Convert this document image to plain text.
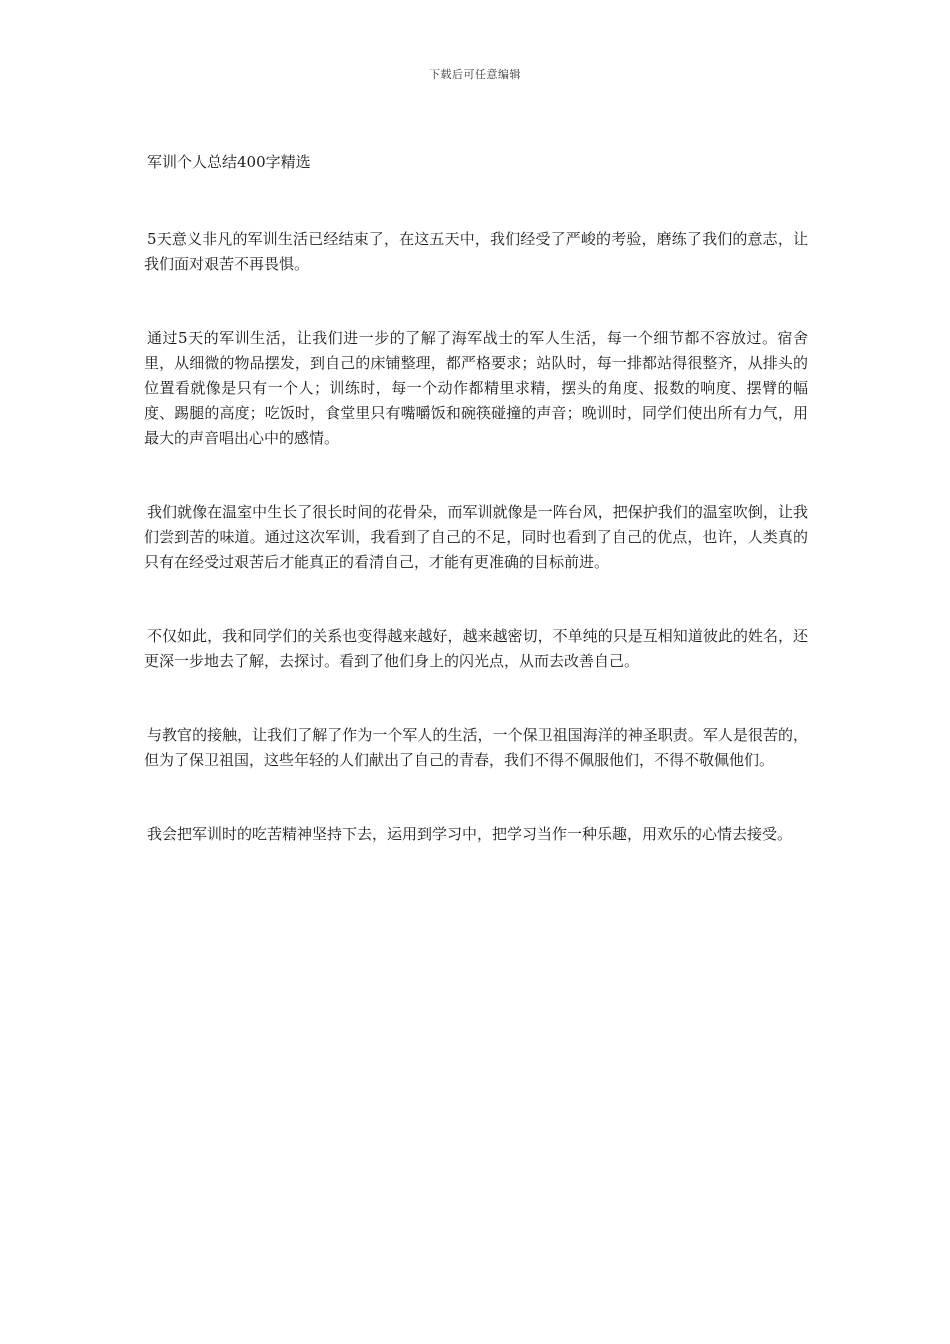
下载后可任意编辑
军训个人总结400字精选

5天意义非凡的军训生活已经结束了，在这五天中，我们经受了严峻的考验，磨练了我们的意志，让我们面对艰苦不再畏惧。

通过5天的军训生活，让我们进一步的了解了海军战士的军人生活，每一个细节都不容放过。宿舍里，从细微的物品摆发，到自己的床铺整理，都严格要求；站队时，每一排都站得很整齐，从排头的位置看就像是只有一个人；训练时，每一个动作都精里求精，摆头的角度、报数的响度、摆臂的幅度、踢腿的高度；吃饭时，食堂里只有嘴嚼饭和碗筷碰撞的声音；晚训时，同学们使出所有力气，用最大的声音唱出心中的感情。

我们就像在温室中生长了很长时间的花骨朵，而军训就像是一阵台风，把保护我们的温室吹倒，让我们尝到苦的味道。通过这次军训，我看到了自己的不足，同时也看到了自己的优点，也许，人类真的只有在经受过艰苦后才能真正的看清自己，才能有更准确的目标前进。

不仅如此，我和同学们的关系也变得越来越好，越来越密切，不单纯的只是互相知道彼此的姓名，还更深一步地去了解，去探讨。看到了他们身上的闪光点，从而去改善自己。

与教官的接触，让我们了解了作为一个军人的生活，一个保卫祖国海洋的神圣职责。军人是很苦的，但为了保卫祖国，这些年轻的人们献出了自己的青春，我们不得不佩服他们，不得不敬佩他们。

我会把军训时的吃苦精神坚持下去，运用到学习中，把学习当作一种乐趣，用欢乐的心情去接受。
